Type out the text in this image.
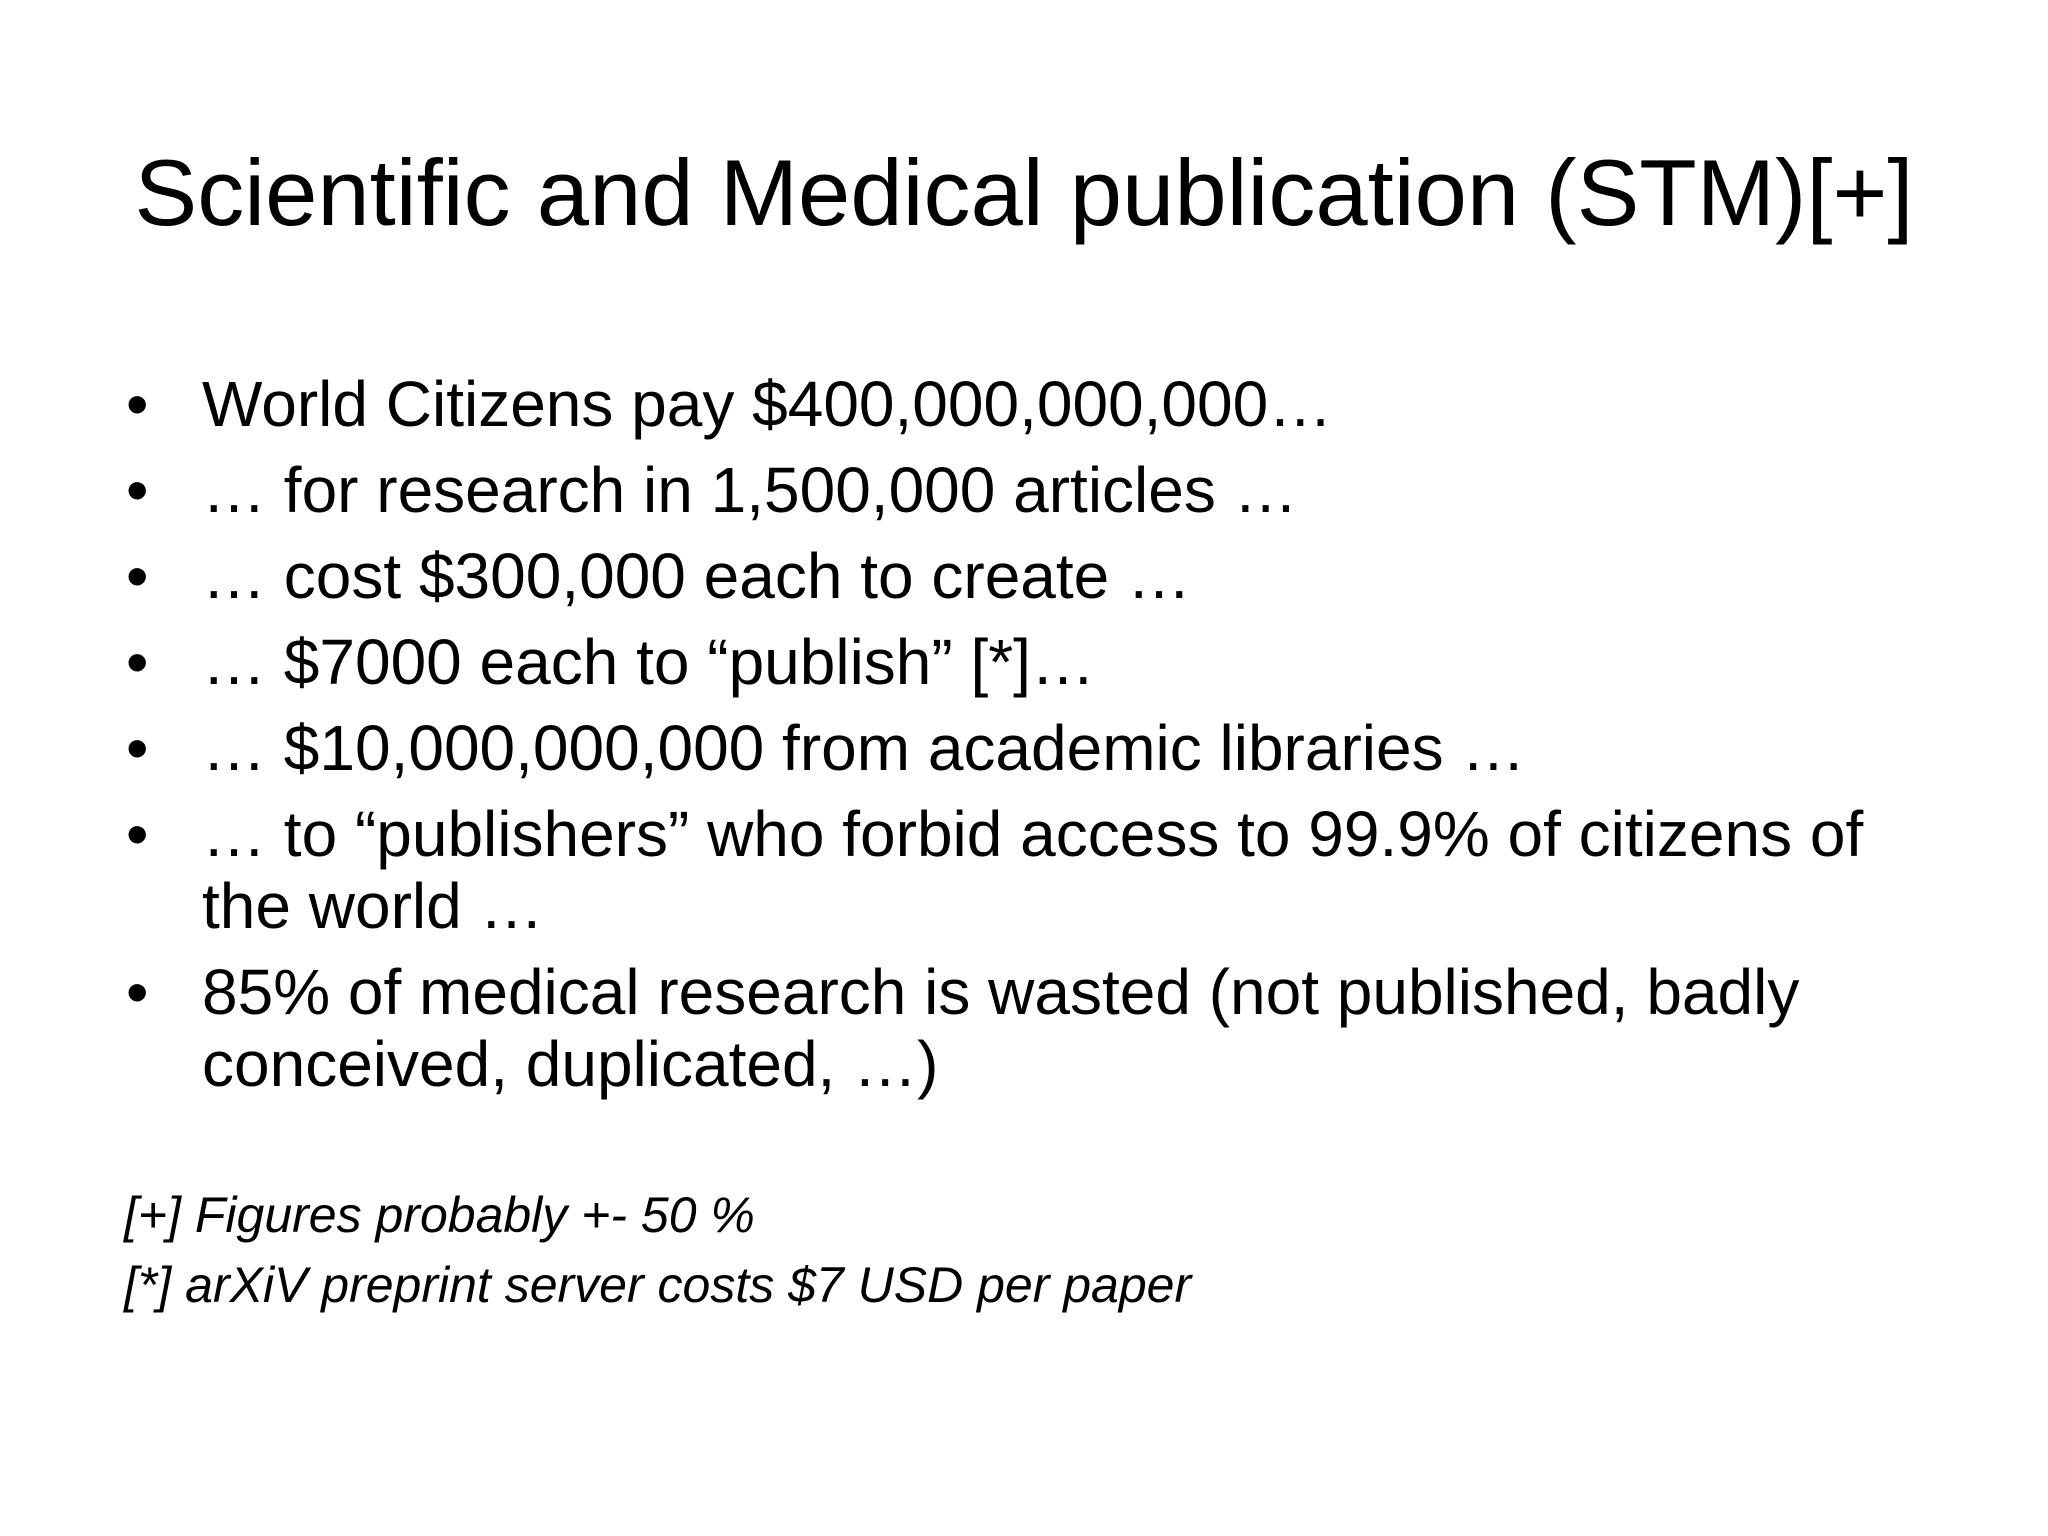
Scientific and Medical publication (STM)[+]
• World Citizens pay $400,000,000,000…
• … for research in 1,500,000 articles …
• … cost $300,000 each to create …
• … $7000 each to “publish” [*]…
• … $10,000,000,000 from academic libraries …
• … to “publishers” who forbid access to 99.9% of citizens of the world …
• 85% of medical research is wasted (not published, badly conceived, duplicated, …)

[+] Figures probably +- 50 %

[*] arXiV preprint server costs $7 USD per paper
